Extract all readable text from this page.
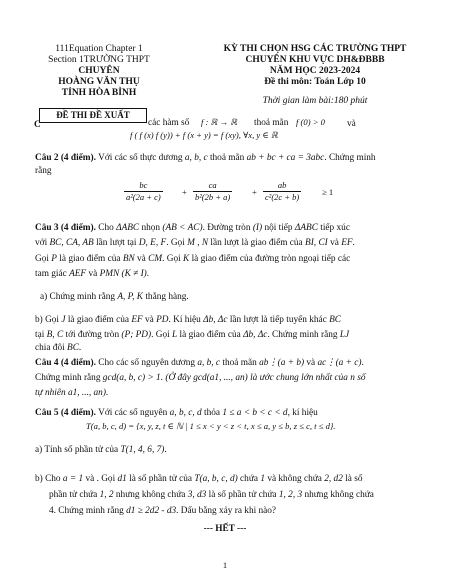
111Equation Chapter 1
Section 1TRƯỜNG THPT
CHUYÊN
HOÀNG VĂN THỤ
TỈNH HÒA BÌNH
ĐỀ THI ĐỀ XUẤT
KỲ THI CHỌN HSG CÁC TRƯỜNG THPT
CHUYÊN KHU VỰC DH&ĐBBB
NĂM HỌC 2023-2024
Đề thi môn: Toán Lớp 10
Thời gian làm bài:180 phút
C	các hàm số f : ℝ → ℝ thoả mãn f (0) > 0 và
f ( f (x) f (y)) + f (x + y) = f (xy), ∀x, y ∈ ℝ
Câu 2 (4 điểm). Với các số thực dương a, b, c thoả mãn ab + bc + ca = 3abc. Chứng minh
rằng
$\frac{bc}{\text{a²(2a + c)}} + \frac{ca}{\text{b²(2b + a)}} + \frac{ab}{\text{c²(2c + b)}} \ge 1$
Câu 3 (4 điểm). Cho ΔABC nhọn (AB < AC). Đường tròn (I) nội tiếp ΔABC tiếp xúc
với BC, CA, AB lần lượt tại D, E, F. Gọi M , N lần lượt là giao điểm của BI, CI và EF.
Gọi P là giao điểm của BN và CM. Gọi K là giao điểm của đường tròn ngoại tiếp các
tam giác AEF và PMN (K ≠ I).
a) Chứng minh rằng A, P, K thẳng hàng.
b) Gọi J là giao điểm của EF và PD. Kí hiệu Δb, Δc lần lượt là tiếp tuyến khác BC
tại B, C tới đường tròn (P; PD). Gọi L là giao điểm của Δb, Δc. Chứng minh rằng LJ
chia đôi BC.
Câu 4 (4 điểm). Cho các số nguyên dương a, b, c thoả mãn ab⋮(a + b) và ac⋮(a + c).
Chứng minh rằng gcd(a, b, c) > 1. (Ở đây gcd(a1, ..., an) là ước chung lớn nhất của n số
tự nhiên a1, ..., an).
Câu 5 (4 điểm). Với các số nguyên a, b, c, d thỏa 1 ≤ a < b < c < d, kí hiệu
T(a, b, c, d) = {x, y, z, t ∈ ℕ | 1 ≤ x < y < z < t, x ≤ a, y ≤ b, z ≤ c, t ≤ d}.
a) Tính số phần tử của T(1, 4, 6, 7).
b) Cho a = 1 và . Gọi d1 là số phần tử của T(a, b, c, d) chứa 1 và không chứa 2, d2 là số
phần tử chứa 1, 2 nhưng không chứa 3, d3 là số phần tử chứa 1, 2, 3 nhưng không chứa
4. Chứng minh rằng d1 ≥ 2d2 - d3. Dấu bằng xảy ra khi nào?
--- HẾT ---
1
